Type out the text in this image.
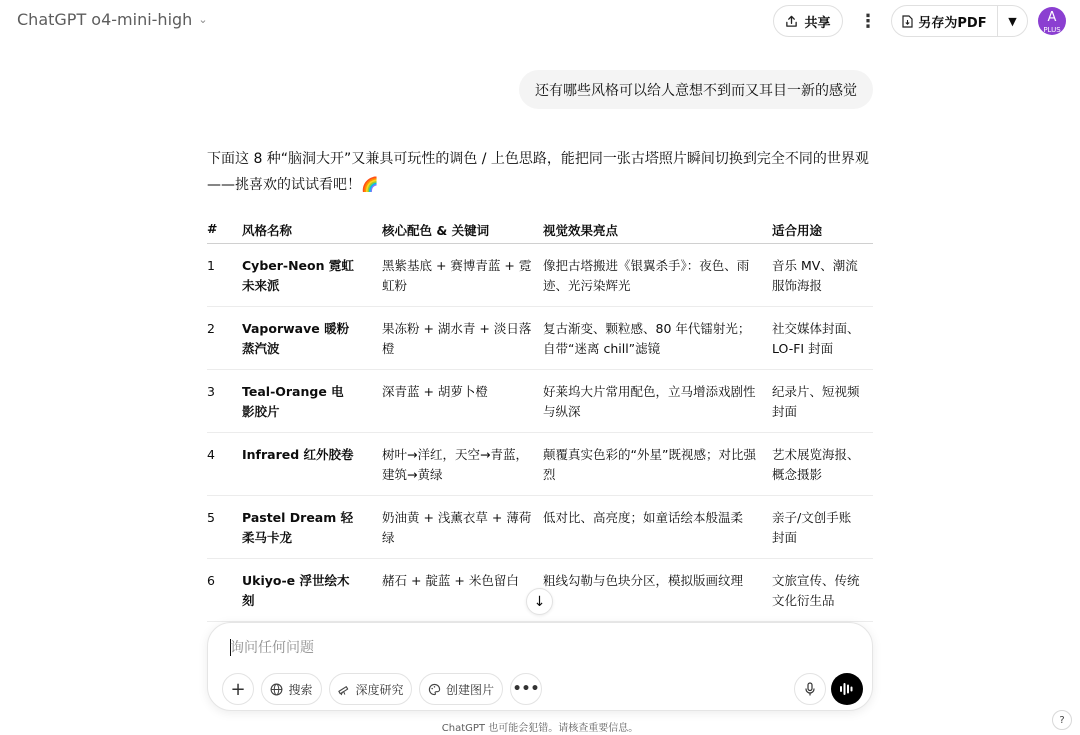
ChatGPT o4-mini-high ⌄	共享 ⋮	另存为PDF ▼	A
PLUS
还有哪些风格可以给人意想不到而又耳目一新的感觉
下面这 8 种“脑洞大开”又兼具可玩性的调色 / 上色思路，能把同一张古塔照片瞬间切换到完全不同的世界观——挑喜欢的试试看吧！🌈
#	风格名称	核心配色 & 关键词	视觉效果亮点	适合用途
1	Cyber-Neon 霓虹未来派	黑紫基底 + 赛博青蓝 + 霓虹粉	像把古塔搬进《银翼杀手》：夜色、雨迹、光污染辉光	音乐 MV、潮流服饰海报
2	Vaporwave 暖粉蒸汽波	果冻粉 + 湖水青 + 淡日落橙	复古渐变、颗粒感、80 年代镭射光；自带“迷离 chill”滤镜	社交媒体封面、LO-FI 封面
3	Teal-Orange 电影胶片	深青蓝 + 胡萝卜橙	好莱坞大片常用配色，立马增添戏剧性与纵深	纪录片、短视频封面
4	Infrared 红外胶卷	树叶→洋红，天空→青蓝，建筑→黄绿	颠覆真实色彩的“外星”既视感；对比强烈	艺术展览海报、概念摄影
5	Pastel Dream 轻柔马卡龙	奶油黄 + 浅薰衣草 + 薄荷绿	低对比、高亮度；如童话绘本般温柔	亲子/文创手账封面
6	Ukiyo-e 浮世绘木刻	赭石 + 靛蓝 + 米色留白	粗线勾勒与色块分区，模拟版画纹理	文旅宣传、传统文化衍生品

↓
询问任何问题
+	搜索	深度研究	创建图片 •••
ChatGPT 也可能会犯错。请核查重要信息。
?
